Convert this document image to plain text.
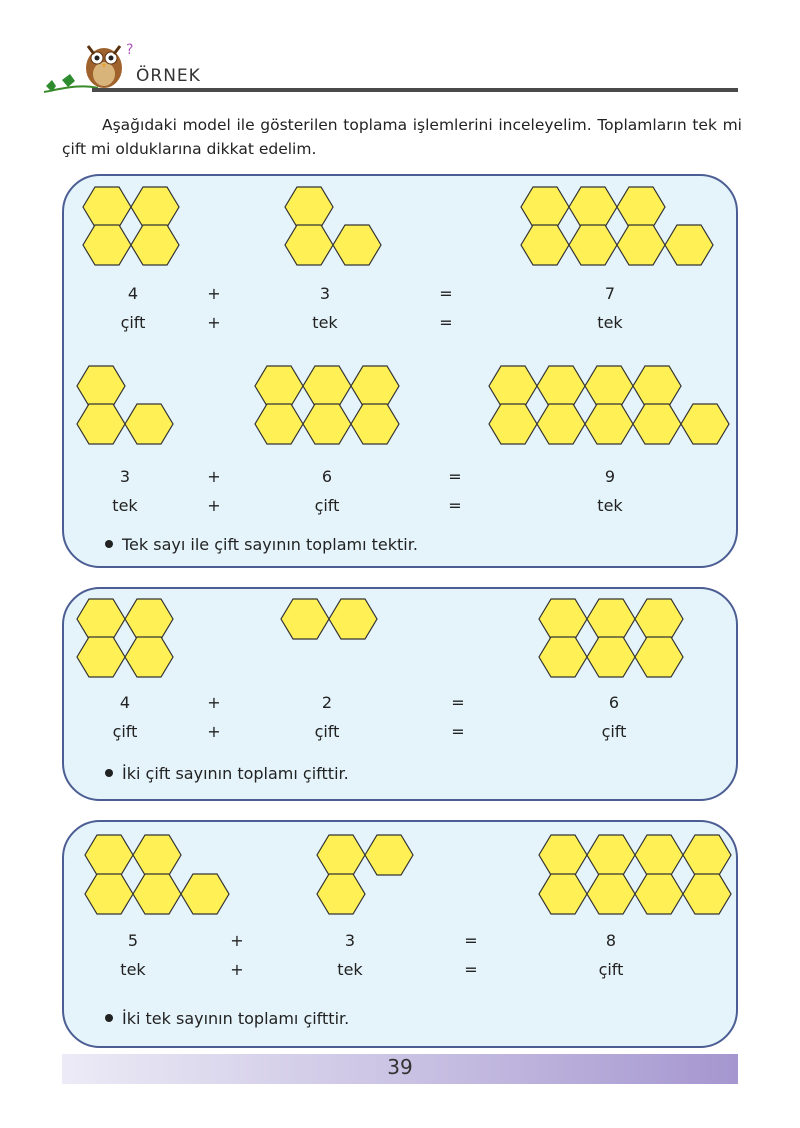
?
ÖRNEK
Aşağıdaki model ile gösterilen toplama işlemlerini inceleyelim. Toplamların tek mi çift mi olduklarına dikkat edelim.
4	+	3	=	7
çift	+	tek	=	tek
3	+	6	=	9
tek	+	çift	=	tek
Tek sayı ile çift sayının toplamı tektir.
4	+	2	=	6
çift	+	çift	=	çift
İki çift sayının toplamı çifttir.
5	+	3	=	8
tek	+	tek	=	çift
İki tek sayının toplamı çifttir.
39
